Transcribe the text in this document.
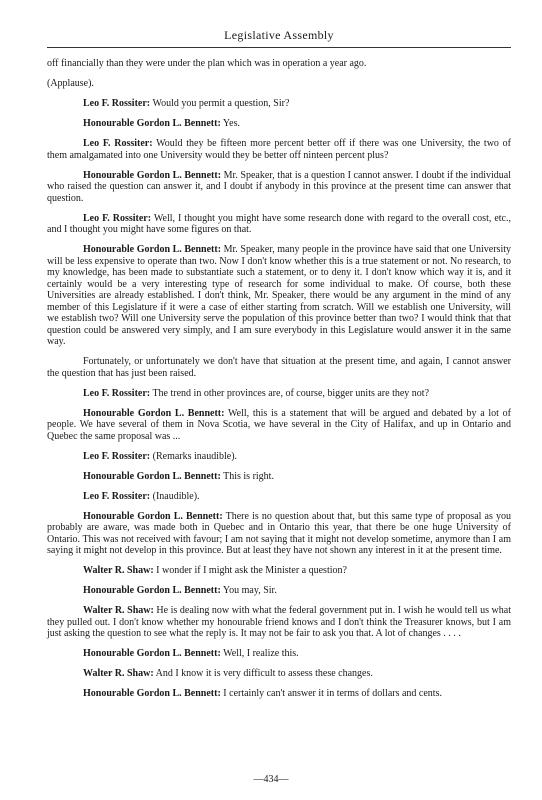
Legislative Assembly

off financially than they were under the plan which was in operation a year ago.

(Applause).

Leo F. Rossiter: Would you permit a question, Sir?

Honourable Gordon L. Bennett: Yes.

Leo F. Rossiter: Would they be fifteen more percent better off if there was one University, the two of them amalgamated into one University would they be better off ninteen percent plus?

Honourable Gordon L. Bennett: Mr. Speaker, that is a question I cannot answer. I doubt if the individual who raised the question can answer it, and I doubt if anybody in this province at the present time can answer that question.

Leo F. Rossiter: Well, I thought you might have some research done with regard to the overall cost, etc., and I thought you might have some figures on that.

Honourable Gordon L. Bennett: Mr. Speaker, many people in the province have said that one University will be less expensive to operate than two. Now I don't know whether this is a true statement or not. No research, to my knowledge, has been made to substantiate such a statement, or to deny it. I don't know which way it is, and it certainly would be a very interesting type of research for some individual to make. Of course, both these Universities are already established. I don't think, Mr. Speaker, there would be any argument in the mind of any member of this Legislature if it were a case of either starting from scratch. Will we establish one University, will we establish two? Will one University serve the population of this province better than two? I would think that that question could be answered very simply, and I am sure everybody in this Legislature would answer it in the same way.

Fortunately, or unfortunately we don't have that situation at the present time, and again, I cannot answer the question that has just been raised.

Leo F. Rossiter: The trend in other provinces are, of course, bigger units are they not?

Honourable Gordon L. Bennett: Well, this is a statement that will be argued and debated by a lot of people. We have several of them in Nova Scotia, we have several in the City of Halifax, and up in Ontario and Quebec the same proposal was ...

Leo F. Rossiter: (Remarks inaudible).

Honourable Gordon L. Bennett: This is right.

Leo F. Rossiter: (Inaudible).

Honourable Gordon L. Bennett: There is no question about that, but this same type of proposal as you probably are aware, was made both in Quebec and in Ontario this year, that there be one huge University of Ontario. This was not received with favour; I am not saying that it might not develop sometime, anymore than I am saying it might not develop in this province. But at least they have not shown any interest in it at the present time.

Walter R. Shaw: I wonder if I might ask the Minister a question?

Honourable Gordon L. Bennett: You may, Sir.

Walter R. Shaw: He is dealing now with what the federal government put in. I wish he would tell us what they pulled out. I don't know whether my honourable friend knows and I don't think the Treasurer knows, but I am just asking the question to see what the reply is. It may not be fair to ask you that. A lot of changes . . . .

Honourable Gordon L. Bennett: Well, I realize this.

Walter R. Shaw: And I know it is very difficult to assess these changes.

Honourable Gordon L. Bennett: I certainly can't answer it in terms of dollars and cents.

—434—
